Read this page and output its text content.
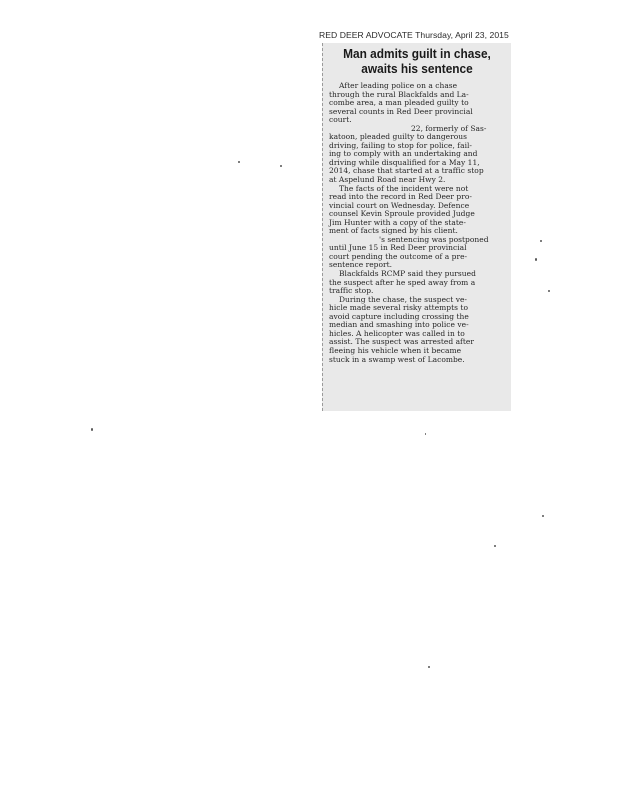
RED DEER ADVOCATE Thursday, April 23, 2015
Man admits guilt in chase,
awaits his sentence
After leading police on a chase
through the rural Blackfalds and La-
combe area, a man pleaded guilty to
several counts in Red Deer provincial
court.
22, formerly of Sas-
katoon, pleaded guilty to dangerous
driving, failing to stop for police, fail-
ing to comply with an undertaking and
driving while disqualified for a May 11,
2014, chase that started at a traffic stop
at Aspelund Road near Hwy 2.
The facts of the incident were not
read into the record in Red Deer pro-
vincial court on Wednesday. Defence
counsel Kevin Sproule provided Judge
Jim Hunter with a copy of the state-
ment of facts signed by his client.
's sentencing was postponed
until June 15 in Red Deer provincial
court pending the outcome of a pre-
sentence report.
Blackfalds RCMP said they pursued
the suspect after he sped away from a
traffic stop.
During the chase, the suspect ve-
hicle made several risky attempts to
avoid capture including crossing the
median and smashing into police ve-
hicles. A helicopter was called in to
assist. The suspect was arrested after
fleeing his vehicle when it became
stuck in a swamp west of Lacombe.
